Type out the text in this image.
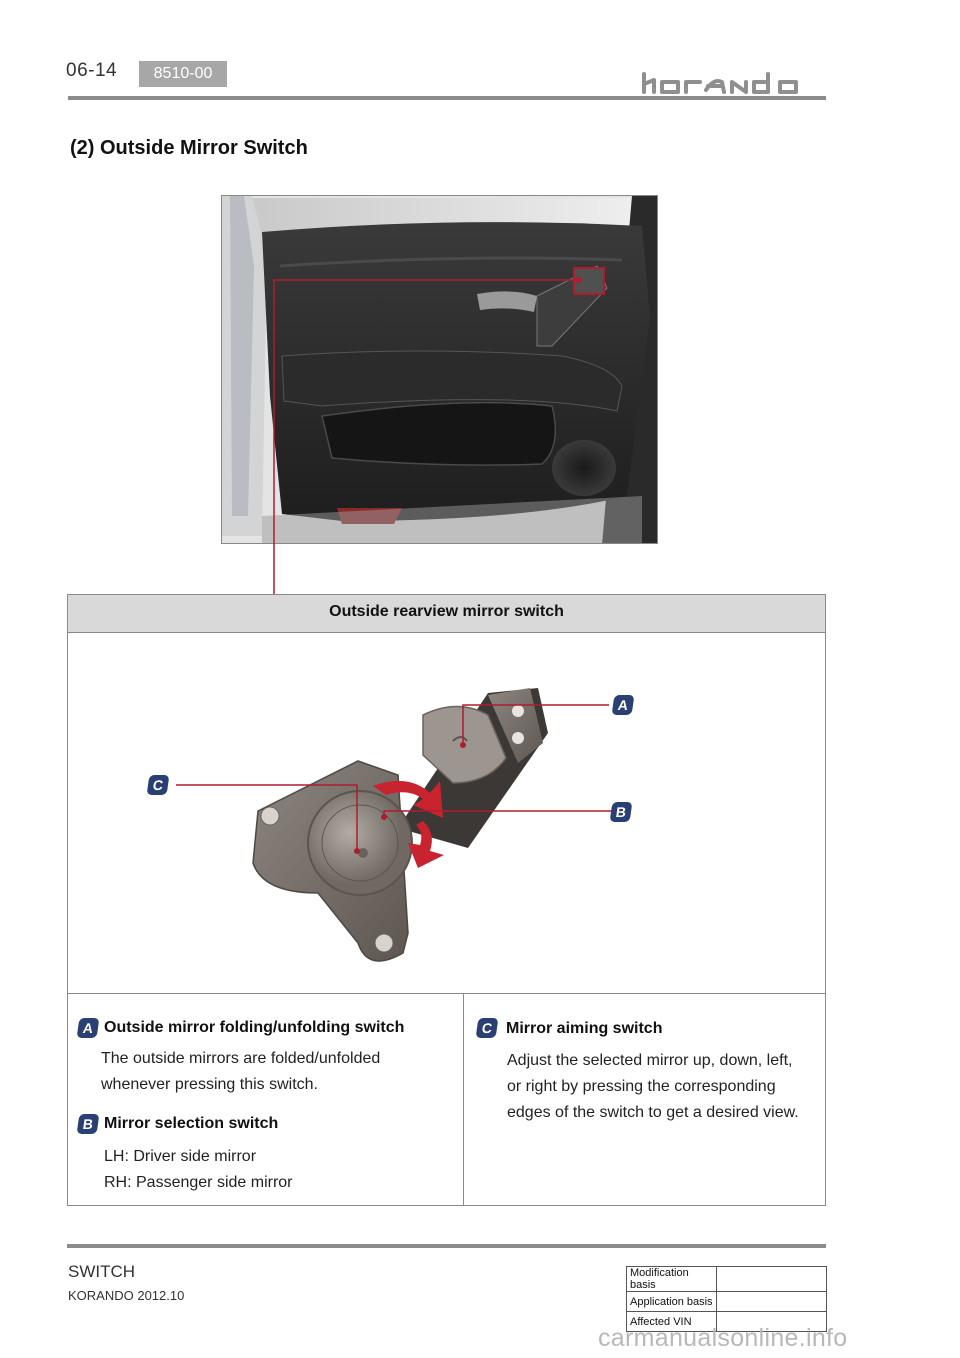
06-14	8510-00
korando
(2) Outside Mirror Switch
Outside rearview mirror switch
A
C
B
A Outside mirror folding/unfolding switch
The outside mirrors are folded/unfolded
whenever pressing this switch.
B Mirror selection switch
LH: Driver side mirror
RH: Passenger side mirror
C Mirror aiming switch
Adjust the selected mirror up, down, left,
or right by pressing the corresponding
edges of the switch to get a desired view.
SWITCH
KORANDO 2012.10
Modification basis	
Application basis	
Affected VIN	
carmanualsonline.info
